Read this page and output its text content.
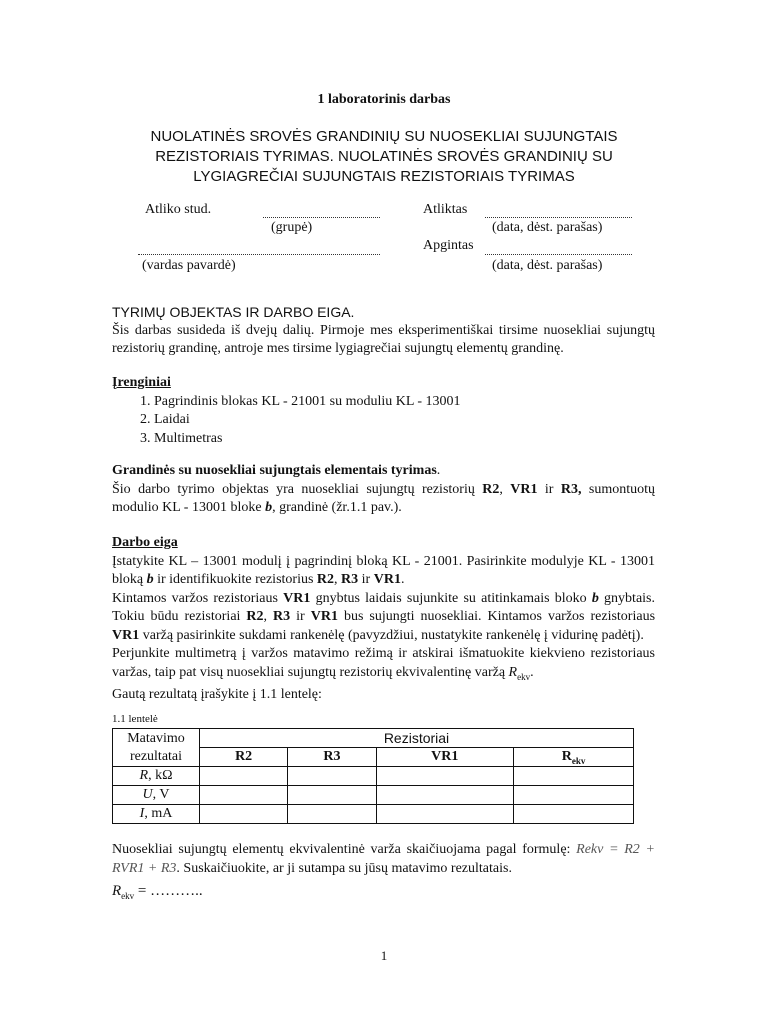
1 laboratorinis darbas
NUOLATINĖS SROVĖS GRANDINIŲ SU NUOSEKLIAI SUJUNGTAIS
REZISTORIAIS TYRIMAS. NUOLATINĖS SROVĖS GRANDINIŲ SU
LYGIAGREČIAI SUJUNGTAIS REZISTORIAIS TYRIMAS
Atliko stud.
(grupė)
(vardas pavardė)
Atliktas
(data, dėst. parašas)
Apgintas
(data, dėst. parašas)
TYRIMŲ OBJEKTAS IR DARBO EIGA.
Šis darbas susideda iš dvejų dalių. Pirmoje mes eksperimentiškai tirsime nuosekliai sujungtų rezistorių grandinę, antroje mes tirsime lygiagrečiai sujungtų elementų grandinę.
Įrenginiai
1. Pagrindinis blokas KL - 21001 su moduliu KL - 13001
2. Laidai
3. Multimetras
Grandinės su nuosekliai sujungtais elementais tyrimas.
Šio darbo tyrimo objektas yra nuosekliai sujungtų rezistorių R2, VR1 ir R3, sumontuotų modulio KL - 13001 bloke b, grandinė (žr.1.1 pav.).
Darbo eiga
Įstatykite KL – 13001 modulį į pagrindinį bloką KL - 21001. Pasirinkite modulyje KL - 13001 bloką b ir identifikuokite rezistorius R2, R3 ir VR1.
Kintamos varžos rezistoriaus VR1 gnybtus laidais sujunkite su atitinkamais bloko b gnybtais. Tokiu būdu rezistoriai R2, R3 ir VR1 bus sujungti nuosekliai. Kintamos varžos rezistoriaus VR1 varžą pasirinkite sukdami rankenėlę (pavyzdžiui, nustatykite rankenėlę į vidurinę padėtį).
Perjunkite multimetrą į varžos matavimo režimą ir atskirai išmatuokite kiekvieno rezistoriaus varžas, taip pat visų nuosekliai sujungtų rezistorių ekvivalentinę varžą $R_{ekv}$.
Gautą rezultatą įrašykite į 1.1 lentelę:
1.1 lentelė
Matavimo
rezultatai	Rezistoriai			
	R2	R3	VR1	$R_{ekv}$
R, kΩ				
U, V				
I, mA				
Nuosekliai sujungtų elementų ekvivalentinė varža skaičiuojama pagal formulę: Rekv = R2 + RVR1 + R3. Suskaičiuokite, ar ji sutampa su jūsų matavimo rezultatais.
$R_{ekv}$ = ………..
1
